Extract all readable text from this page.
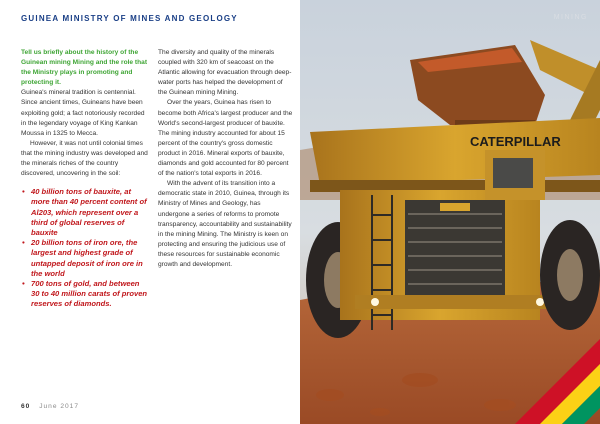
GUINEA MINISTRY OF MINES AND GEOLOGY

Tell us briefly about the history of the Guinean mining Mining and the role that the Ministry plays in promoting and protecting it.

Guinea's mineral tradition is centennial. Since ancient times, Guineans have been exploiting gold; a fact notoriously recorded in the legendary voyage of King Kankan Moussa in 1325 to Mecca.

However, it was not until colonial times that the mining industry was developed and the minerals riches of the country discovered, uncovering in the soil:

• 40 billion tons of bauxite, at more than 40 percent content of Al203, which represent over a third of global reserves of bauxite
• 20 billion tons of iron ore, the largest and highest grade of untapped deposit of iron ore in the world
• 700 tons of gold, and between 30 to 40 million carats of proven reserves of diamonds.

The diversity and quality of the minerals coupled with 320 km of seacoast on the Atlantic allowing for evacuation through deep-water ports has helped the development of the Guinean mining Mining.

Over the years, Guinea has risen to become both Africa's largest producer and the World's second-largest producer of bauxite. The mining industry accounted for about 15 percent of the country's gross domestic product in 2016. Mineral exports of bauxite, diamonds and gold accounted for 80 percent of the nation's total exports in 2016.

With the advent of its transition into a democratic state in 2010, Guinea, through its Ministry of Mines and Geology, has undergone a series of reforms to promote transparency, accountability and sustainability in the mining Mining. The Ministry is keen on protecting and ensuring the judicious use of these resources for sustainable economic growth and development.

60 June 2017
MINING
CATERPILLAR
